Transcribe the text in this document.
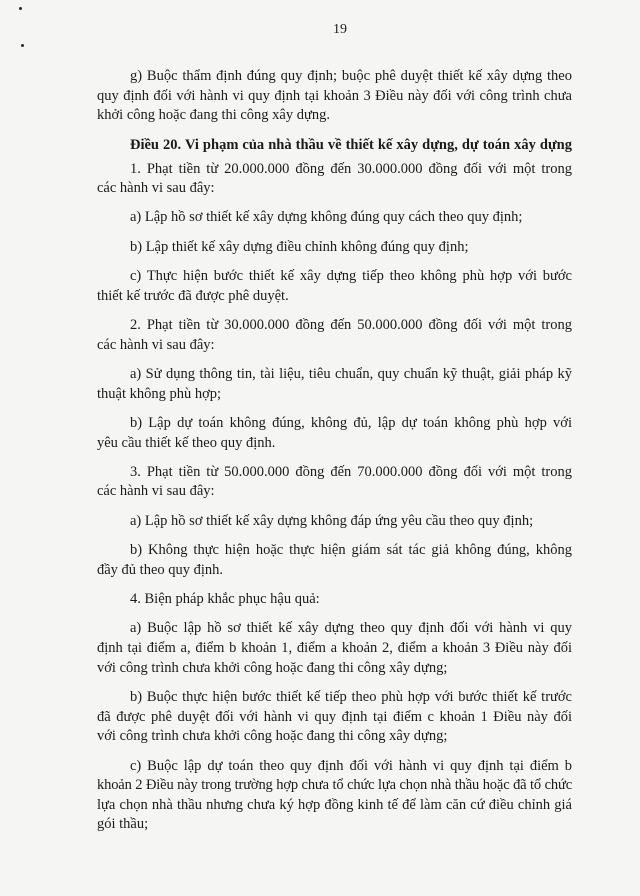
19
g) Buộc thẩm định đúng quy định; buộc phê duyệt thiết kế xây dựng theo
quy định đối với hành vi quy định tại khoản 3 Điều này đối với công trình chưa
khởi công hoặc đang thi công xây dựng.
Điều 20. Vi phạm của nhà thầu về thiết kế xây dựng, dự toán xây dựng
1. Phạt tiền từ 20.000.000 đồng đến 30.000.000 đồng đối với một trong
các hành vi sau đây:
a) Lập hồ sơ thiết kế xây dựng không đúng quy cách theo quy định;
b) Lập thiết kế xây dựng điều chỉnh không đúng quy định;
c) Thực hiện bước thiết kế xây dựng tiếp theo không phù hợp với bước
thiết kế trước đã được phê duyệt.
2. Phạt tiền từ 30.000.000 đồng đến 50.000.000 đồng đối với một trong
các hành vi sau đây:
a) Sử dụng thông tin, tài liệu, tiêu chuẩn, quy chuẩn kỹ thuật, giải pháp kỹ
thuật không phù hợp;
b) Lập dự toán không đúng, không đủ, lập dự toán không phù hợp với
yêu cầu thiết kế theo quy định.
3. Phạt tiền từ 50.000.000 đồng đến 70.000.000 đồng đối với một trong
các hành vi sau đây:
a) Lập hồ sơ thiết kế xây dựng không đáp ứng yêu cầu theo quy định;
b) Không thực hiện hoặc thực hiện giám sát tác giả không đúng, không
đầy đủ theo quy định.
4. Biện pháp khắc phục hậu quả:
a) Buộc lập hồ sơ thiết kế xây dựng theo quy định đối với hành vi quy
định tại điểm a, điểm b khoản 1, điểm a khoản 2, điểm a khoản 3 Điều này đối
với công trình chưa khởi công hoặc đang thi công xây dựng;
b) Buộc thực hiện bước thiết kế tiếp theo phù hợp với bước thiết kế trước
đã được phê duyệt đối với hành vi quy định tại điểm c khoản 1 Điều này đối
với công trình chưa khởi công hoặc đang thi công xây dựng;
c) Buộc lập dự toán theo quy định đối với hành vi quy định tại điểm b
khoản 2 Điều này trong trường hợp chưa tổ chức lựa chọn nhà thầu hoặc đã tổ chức
lựa chọn nhà thầu nhưng chưa ký hợp đồng kinh tế để làm căn cứ điều chỉnh giá
gói thầu;
